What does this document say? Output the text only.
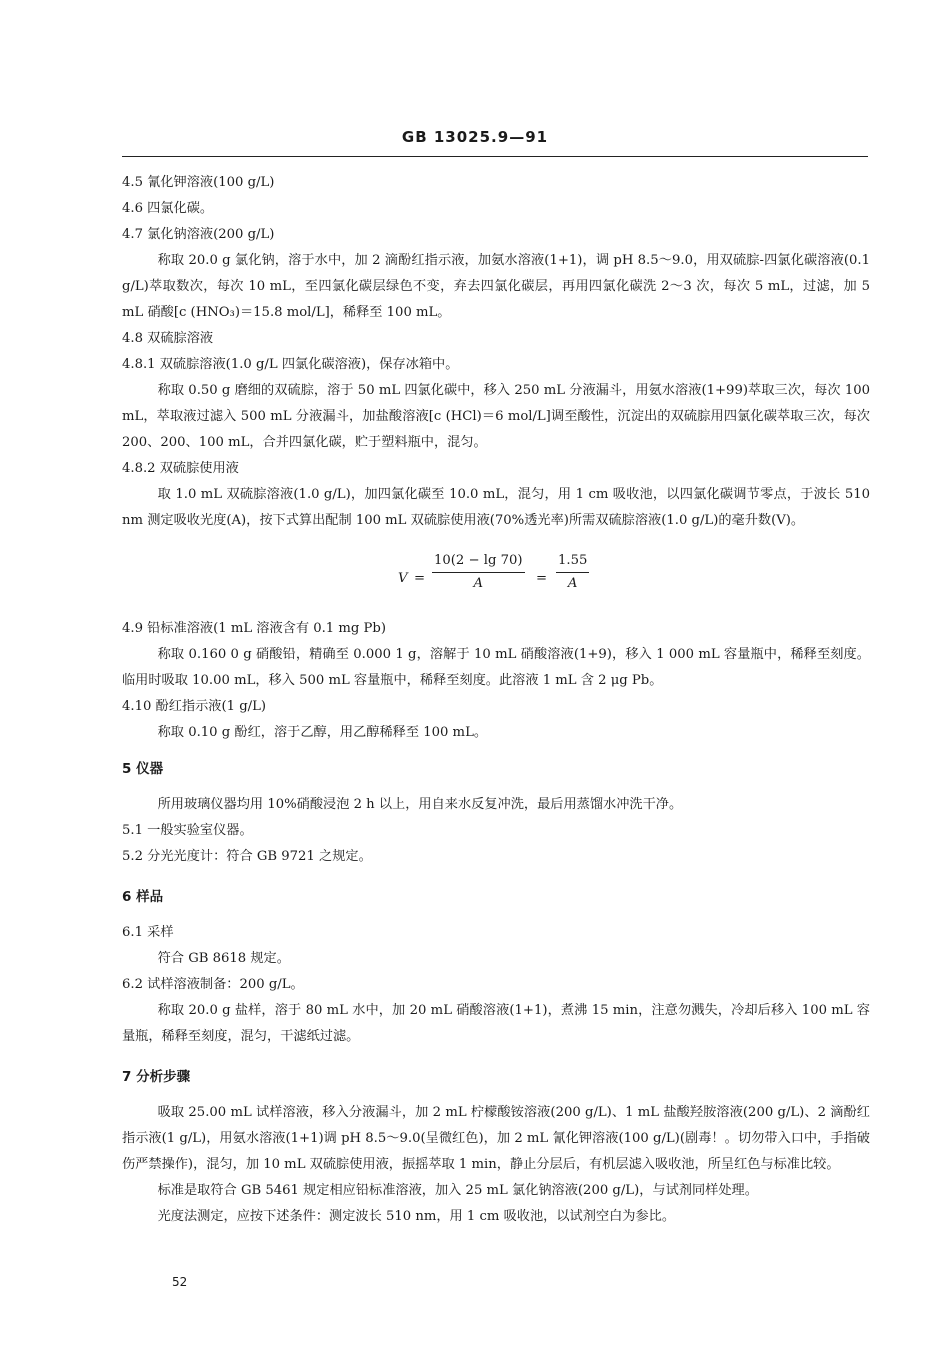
GB 13025.9—91
4.5 氰化钾溶液(100 g/L)
4.6 四氯化碳。
4.7 氯化钠溶液(200 g/L)
称取 20.0 g 氯化钠，溶于水中，加 2 滴酚红指示液，加氨水溶液(1+1)，调 pH 8.5～9.0，用双硫腙-四氯化碳溶液(0.1 g/L)萃取数次，每次 10 mL，至四氯化碳层绿色不变，弃去四氯化碳层，再用四氯化碳洗 2～3 次，每次 5 mL，过滤，加 5 mL 硝酸[c (HNO₃)＝15.8 mol/L]，稀释至 100 mL。
4.8 双硫腙溶液
4.8.1 双硫腙溶液(1.0 g/L 四氯化碳溶液)，保存冰箱中。
称取 0.50 g 磨细的双硫腙，溶于 50 mL 四氯化碳中，移入 250 mL 分液漏斗，用氨水溶液(1+99)萃取三次，每次 100 mL，萃取液过滤入 500 mL 分液漏斗，加盐酸溶液[c (HCl)＝6 mol/L]调至酸性，沉淀出的双硫腙用四氯化碳萃取三次，每次 200、200、100 mL，合并四氯化碳，贮于塑料瓶中，混匀。
4.8.2 双硫腙使用液
取 1.0 mL 双硫腙溶液(1.0 g/L)，加四氯化碳至 10.0 mL，混匀，用 1 cm 吸收池，以四氯化碳调节零点，于波长 510 nm 测定吸收光度(A)，按下式算出配制 100 mL 双硫腙使用液(70%透光率)所需双硫腙溶液(1.0 g/L)的毫升数(V)。
$V = \frac{10(2 - \lg 70)}{A} = \frac{1.55}{A}$
4.9 铅标准溶液(1 mL 溶液含有 0.1 mg Pb)
称取 0.160 0 g 硝酸铅，精确至 0.000 1 g，溶解于 10 mL 硝酸溶液(1+9)，移入 1 000 mL 容量瓶中，稀释至刻度。临用时吸取 10.00 mL，移入 500 mL 容量瓶中，稀释至刻度。此溶液 1 mL 含 2 μg Pb。
4.10 酚红指示液(1 g/L)
称取 0.10 g 酚红，溶于乙醇，用乙醇稀释至 100 mL。
5 仪器
所用玻璃仪器均用 10%硝酸浸泡 2 h 以上，用自来水反复冲洗，最后用蒸馏水冲洗干净。
5.1 一般实验室仪器。
5.2 分光光度计：符合 GB 9721 之规定。
6 样品
6.1 采样
符合 GB 8618 规定。
6.2 试样溶液制备：200 g/L。
称取 20.0 g 盐样，溶于 80 mL 水中，加 20 mL 硝酸溶液(1+1)，煮沸 15 min，注意勿溅失，冷却后移入 100 mL 容量瓶，稀释至刻度，混匀，干滤纸过滤。
7 分析步骤
吸取 25.00 mL 试样溶液，移入分液漏斗，加 2 mL 柠檬酸铵溶液(200 g/L)、1 mL 盐酸羟胺溶液(200 g/L)、2 滴酚红指示液(1 g/L)，用氨水溶液(1+1)调 pH 8.5～9.0(呈微红色)，加 2 mL 氰化钾溶液(100 g/L)(剧毒！。切勿带入口中，手指破伤严禁操作)，混匀，加 10 mL 双硫腙使用液，振摇萃取 1 min，静止分层后，有机层滤入吸收池，所呈红色与标准比较。
标准是取符合 GB 5461 规定相应铅标准溶液，加入 25 mL 氯化钠溶液(200 g/L)，与试剂同样处理。
光度法测定，应按下述条件：测定波长 510 nm，用 1 cm 吸收池，以试剂空白为参比。
52
